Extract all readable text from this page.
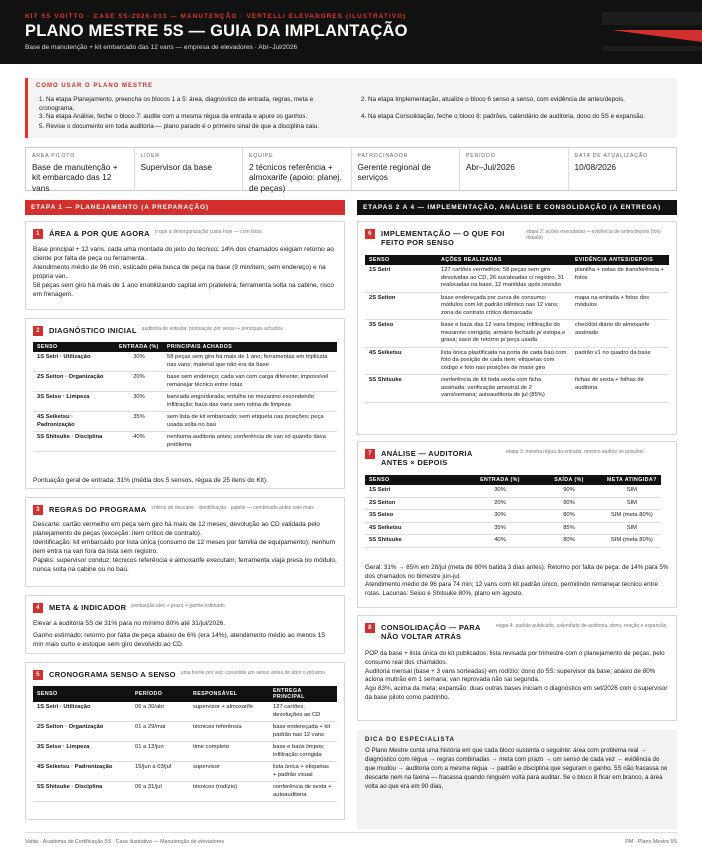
KIT 5S VOITTO · CASE 5S-2026-013 — MANUTENÇÃO · VERTELLI ELEVADORES (ILUSTRATIVO)
PLANO MESTRE 5S — GUIA DA IMPLANTAÇÃO
Base de manutenção + kit embarcado das 12 vans — empresa de elevadores · Abr–Jul/2026
COMO USAR O PLANO MESTRE
1. Na etapa Planejamento, preencha os blocos 1 a 5: área, diagnóstico de entrada, regras, meta e cronograma.
2. Na etapa Implementação, atualize o bloco 6 senso a senso, com evidência de antes/depois.
3. Na etapa Análise, feche o bloco 7: audite com a mesma régua da entrada e apure os ganhos.	4. Na etapa Consolidação, feche o bloco 8: padrões, calendário de auditoria, dono do 5S e expansão.
5. Revise o documento em toda auditoria — plano parado é o primeiro sinal de que a disciplina caiu.
ÁREA PILOTO
Base de manutenção + kit embarcado das 12 vans
LÍDER
Supervisor da base
EQUIPE
2 técnicos referência + almoxarife (apoio: planej. de peças)
PATROCINADOR
Gerente regional de serviços
PERÍODO
Abr–Jul/2026
DATA DE ATUALIZAÇÃO
10/08/2026
ETAPA 1 — PLANEJAMENTO (A PREPARAÇÃO)	ETAPAS 2 A 4 — IMPLEMENTAÇÃO, ANÁLISE E CONSOLIDAÇÃO (A ENTREGA)
1	ÁREA & POR QUE AGORA o que a desorganização custa hoje — com fatos
Base principal + 12 vans, cada uma montada do jeito do técnico: 14% dos chamados exigiam retorno ao cliente por falta de peça ou ferramenta.
Atendimento médio de 96 min, esticado pela busca de peça na base (9 min/item, sem endereço) e na própria van.
58 peças sem giro há mais de 1 ano imobilizando capital em prateleira; ferramenta solta na cabine, risco em frenagem.
2	DIAGNÓSTICO INICIAL auditoria de entrada: pontuação por senso + principais achados
SENSO	ENTRADA (%)	PRINCIPAIS ACHADOS
1S Seiri · Utilização	30%	58 peças sem giro há mais de 1 ano; ferramentas em triplicata nas vans; material que não era da base
2S Seiton · Organização	20%	base sem endereço; cada van com carga diferente; impossível remanejar técnico entre rotas
3S Seiso · Limpeza	30%	bancada engordurada; entulho no mezanino escondendo infiltração; baús das vans sem rotina de limpeza
4S Seiketsu · Padronização	35%	sem lista de kit embarcado; sem etiqueta nas posições; peça usada solta no baú
5S Shitsuke · Disciplina	40%	nenhuma auditoria antes; conferência de van só quando dava problema
Pontuação geral de entrada: 31% (média dos 5 sensos, régua de 25 itens do Kit).
3	REGRAS DO PROGRAMA critério de descarte · identificação · papéis — combinado antes vale mais
Descarte: cartão vermelho em peça sem giro há mais de 12 meses; devolução ao CD validada pelo planejamento de peças (exceção: item crítico de contrato).
Identificação: kit embarcado por lista única (consumo de 12 meses por família de equipamento); nenhum item entra na van fora da lista sem registro.
Papéis: supervisor conduz; técnicos referência e almoxarife executam; ferramenta viaja presa no módulo, nunca solta na cabine ou no baú.
4	META & INDICADOR pontuação alvo + prazo + ganho estimado
Elevar a auditoria 5S de 31% para no mínimo 80% até 31/jul/2026.
Ganho estimado: retorno por falta de peça abaixo de 6% (era 14%), atendimento médio ao menos 15 min mais curto e estoque sem giro devolvido ao CD.
5	CRONOGRAMA SENSO A SENSO uma frente por vez: consolide um senso antes de abrir o próximo
SENSO	PERÍODO	RESPONSÁVEL	ENTREGA PRINCIPAL
1S Seiri · Utilização	06 a 30/abr	supervisor + almoxarife	127 cartões; devoluções ao CD
2S Seiton · Organização	01 a 29/mai	técnicos referência	base endereçada + kit padrão nas 12 vans
3S Seiso · Limpeza	01 a 12/jun	time completo	base e baús limpos; infiltração corrigida
4S Seiketsu · Padronização	15/jun a 03/jul	supervisor	lista única + etiquetas + padrão visual
5S Shitsuke · Disciplina	06 a 31/jul	técnicos (rodízio)	conferência de sexta + autoauditoria
6	IMPLEMENTAÇÃO — O QUE FOI FEITO POR SENSO
etapa 2: ações executadas + evidência de antes/depois (foto datada)
SENSO	AÇÕES REALIZADAS	EVIDÊNCIA ANTES/DEPOIS
1S Seiri	127 cartões vermelhos: 58 peças sem giro devolvidas ao CD, 26 sucateadas c/ registro, 31 realocadas na base, 12 mantidas após revisão	planilha + notas de transferência + fotos
2S Seiton	base endereçada por curva de consumo; módulos com kit padrão idêntico nas 12 vans; zona de contrato crítico demarcada	mapa na entrada + fotos dos módulos
3S Seiso	base e baús das 12 vans limpos; infiltração do mezanino corrigida; armário fechado p/ estopa e graxa; saco de retorno p/ peça usada	checklist diário do almoxarife assinado
4S Seiketsu	lista única plastificada na porta de cada baú com foto da posição de cada item; etiquetas com código e foto nas posições de maior giro	padrão v1 no quadro da base
5S Shitsuke	conferência de kit toda sexta com ficha assinada; verificação amostral de 2 vans/semana; autoauditoria de jul (85%)	fichas de sexta + folhas de auditoria
7	ANÁLISE — AUDITORIA ANTES × DEPOIS
etapa 3: mesma régua da entrada, mesmo auditor se possível
SENSO	ENTRADA (%)	SAÍDA (%)	META ATINGIDA?
1S Seiri	30%	90%	SIM
2S Seiton	20%	90%	SIM
3S Seiso	30%	80%	SIM (meta 80%)
4S Seiketsu	35%	85%	SIM
5S Shitsuke	40%	80%	SIM (meta 80%)
Geral: 31% → 85% em 28/jul (meta de 80% batida 3 dias antes). Retorno por falta de peça: de 14% para 5% dos chamados no bimestre jun-jul.
Atendimento médio de 96 para 74 min; 12 vans com kit padrão único, permitindo remanejar técnico entre rotas. Lacunas: Seiso e Shitsuke 80%, plano em agosto.
8	CONSOLIDAÇÃO — PARA NÃO VOLTAR ATRÁS
etapa 4: padrão publicado, calendário de auditoria, dono, reação e expansão
POP da base + lista única do kit publicados; lista revisada por trimestre com o planejamento de peças, pelo consumo real dos chamados.
Auditoria mensal (base + 3 vans sorteadas) em rodízio; dono do 5S: supervisor da base; abaixo de 80% aciona mutirão em 1 semana; van reprovada não sai segunda.
Ago 83%, acima da meta; expansão: duas outras bases iniciam o diagnóstico em set/2026 com o supervisor da base piloto como padrinho.
DICA DO ESPECIALISTA
O Plano Mestre conta uma história em que cada bloco sustenta o seguinte: área com problema real → diagnóstico com régua → regras combinadas → meta com prazo → um senso de cada vez → evidência do que mudou → auditoria com a mesma régua → padrão e disciplina que seguram o ganho. 5S não fracassa no descarte nem na faxina — fracassa quando ninguém volta para auditar. Se o bloco 8 ficar em branco, a área volta ao que era em 90 dias.
Voitto · Academia de Certificação 5S · Case ilustrativo — Manutenção de elevadores	PM · Plano Mestre 5S
